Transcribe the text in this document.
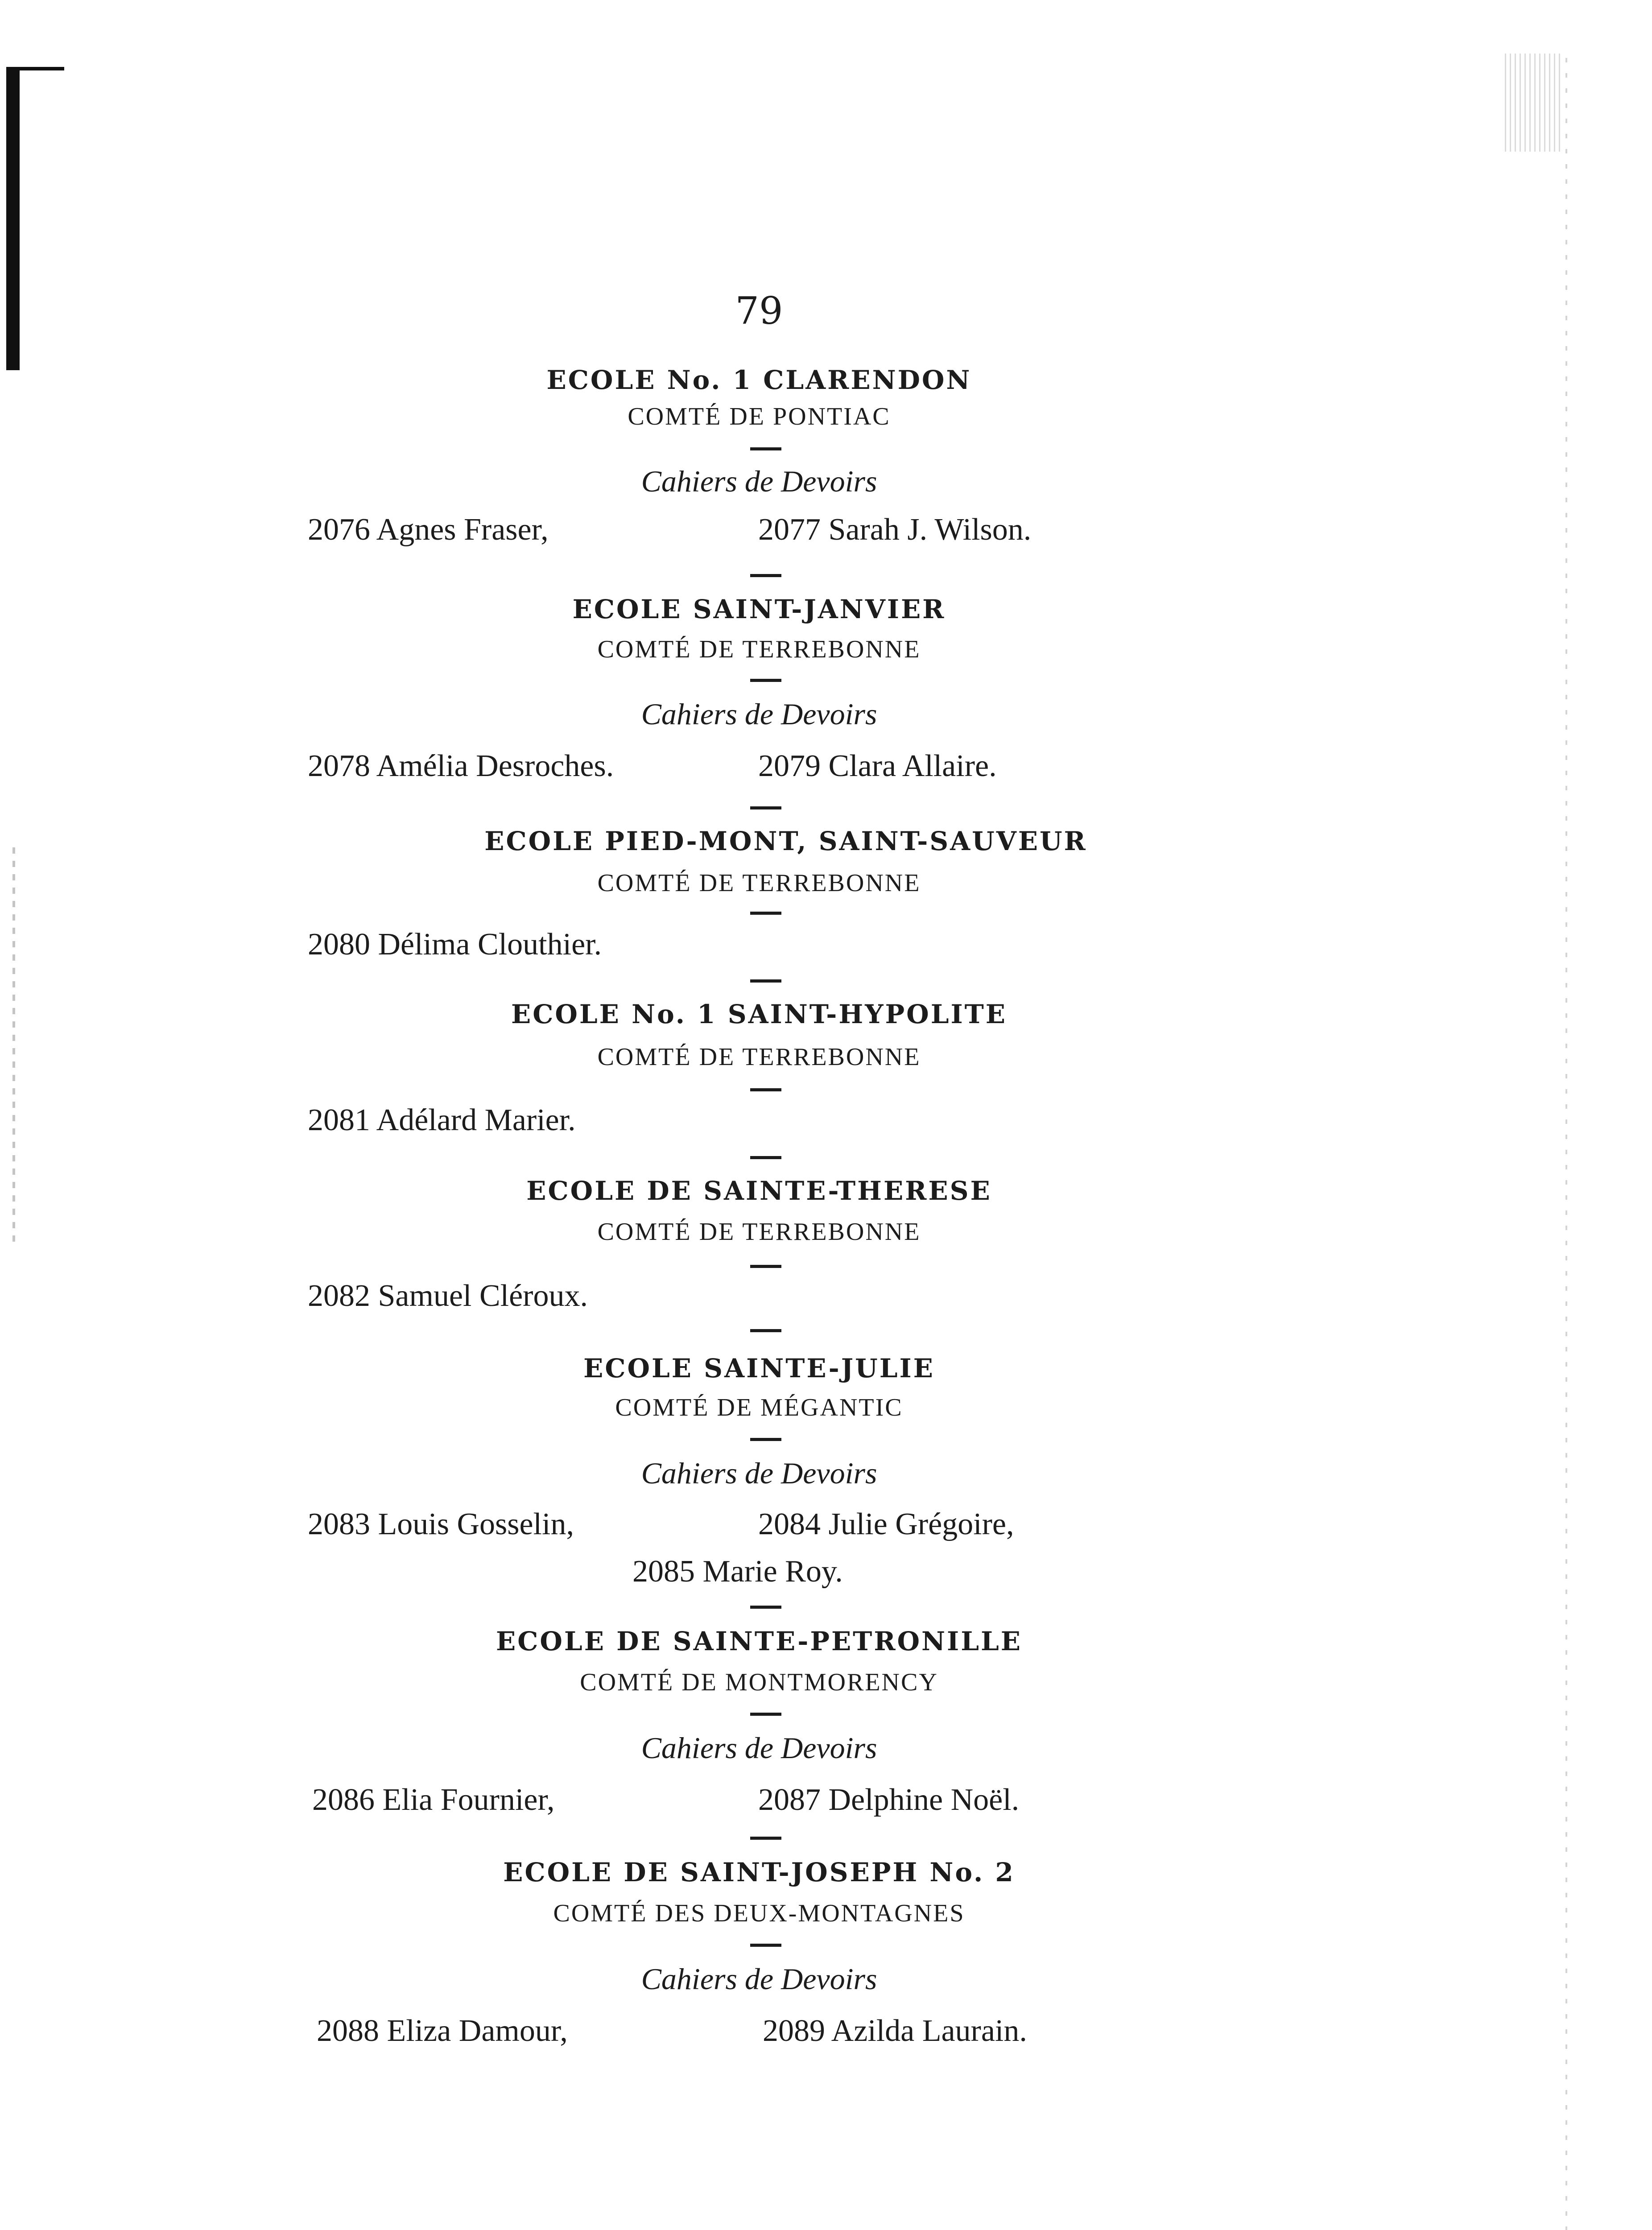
79
ECOLE No. 1 CLARENDON
COMTÉ DE PONTIAC
Cahiers de Devoirs
2076 Agnes Fraser,	2077 Sarah J. Wilson.
ECOLE SAINT-JANVIER
COMTÉ DE TERREBONNE
Cahiers de Devoirs
2078 Amélia Desroches.	2079 Clara Allaire.
ECOLE PIED-MONT, SAINT-SAUVEUR
COMTÉ DE TERREBONNE
2080 Délima Clouthier.
ECOLE No. 1 SAINT-HYPOLITE
COMTÉ DE TERREBONNE
2081 Adélard Marier.
ECOLE DE SAINTE-THERESE
COMTÉ DE TERREBONNE
2082 Samuel Cléroux.
ECOLE SAINTE-JULIE
COMTÉ DE MÉGANTIC
Cahiers de Devoirs
2083 Louis Gosselin,	2084 Julie Grégoire,
2085 Marie Roy.
ECOLE DE SAINTE-PETRONILLE
COMTÉ DE MONTMORENCY
Cahiers de Devoirs
2086 Elia Fournier,	2087 Delphine Noël.
ECOLE DE SAINT-JOSEPH No. 2
COMTÉ DES DEUX-MONTAGNES
Cahiers de Devoirs
2088 Eliza Damour,	2089 Azilda Laurain.
